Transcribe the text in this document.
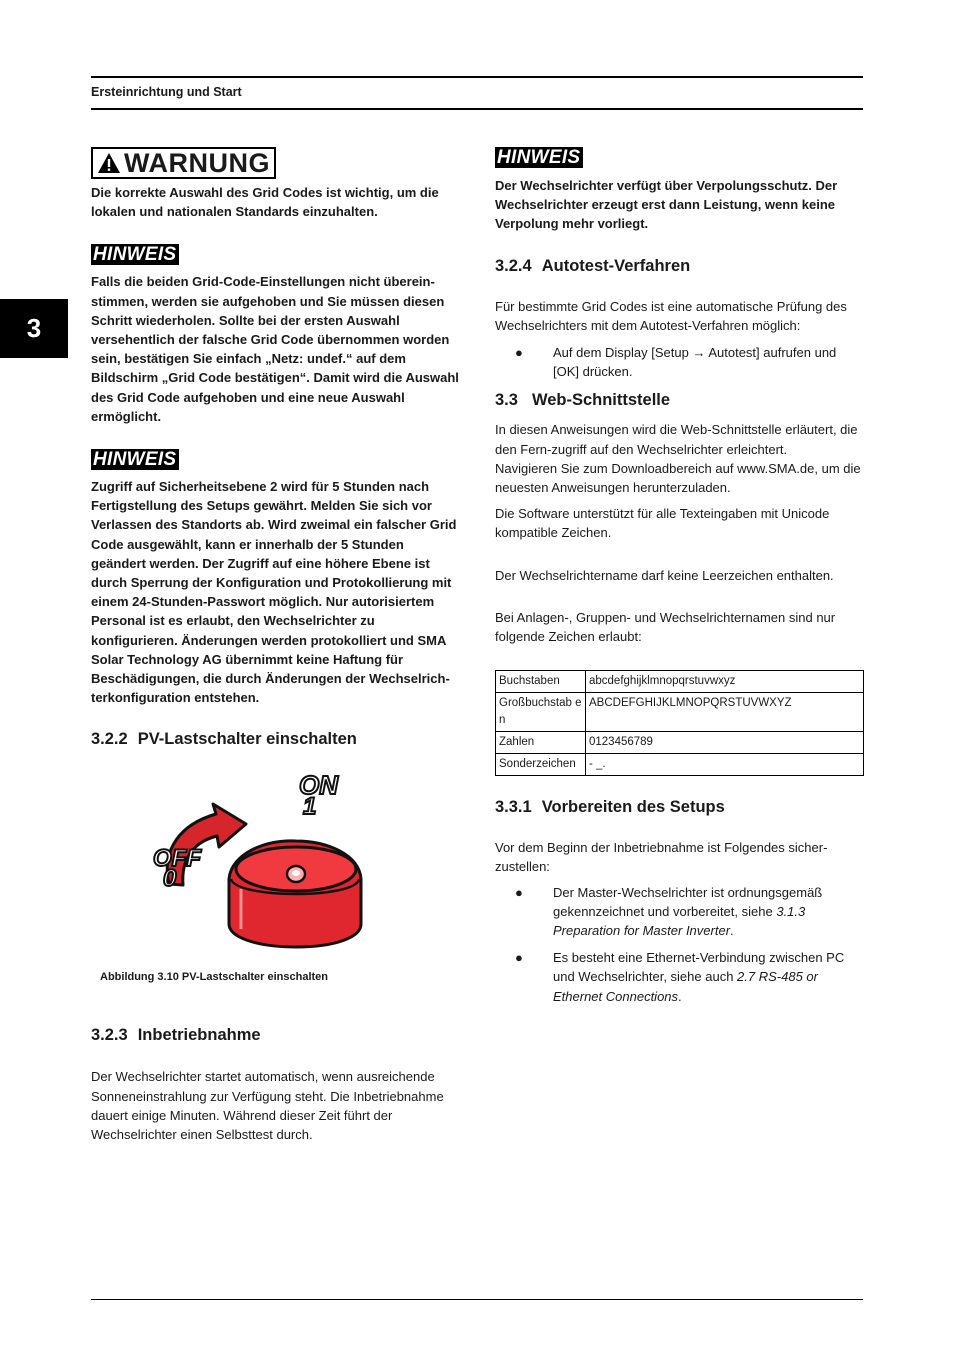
Ersteinrichtung und Start
3
WARNUNG

Die korrekte Auswahl des Grid Codes ist wichtig, um die lokalen und nationalen Standards einzuhalten.

HINWEIS

Falls die beiden Grid-Code-Einstellungen nicht übereinstimmen, werden sie aufgehoben und Sie müssen diesen Schritt wiederholen. Sollte bei der ersten Auswahl versehentlich der falsche Grid Code übernommen worden sein, bestätigen Sie einfach „Netz: undef.“ auf dem Bildschirm „Grid Code bestätigen“. Damit wird die Auswahl des Grid Code aufgehoben und eine neue Auswahl ermöglicht.

HINWEIS

Zugriff auf Sicherheitsebene 2 wird für 5 Stunden nach Fertigstellung des Setups gewährt. Melden Sie sich vor Verlassen des Standorts ab. Wird zweimal ein falscher Grid Code ausgewählt, kann er innerhalb der 5 Stunden geändert werden. Der Zugriff auf eine höhere Ebene ist durch Sperrung der Konfiguration und Protokollierung mit einem 24-Stunden-Passwort möglich. Nur autorisiertem Personal ist es erlaubt, den Wechselrichter zu konfigurieren. Änderungen werden protokolliert und SMA Solar Technology AG übernimmt keine Haftung für Beschädigungen, die durch Änderungen der Wechselrichterkonfiguration entstehen.

3.2.2 PV-Lastschalter einschalten
ON
1
OFF
0

Abbildung 3.10 PV-Lastschalter einschalten

3.2.3 Inbetriebnahme

Der Wechselrichter startet automatisch, wenn ausreichende Sonneneinstrahlung zur Verfügung steht. Die Inbetriebnahme dauert einige Minuten. Während dieser Zeit führt der Wechselrichter einen Selbsttest durch.

HINWEIS

Der Wechselrichter verfügt über Verpolungsschutz. Der Wechselrichter erzeugt erst dann Leistung, wenn keine Verpolung mehr vorliegt.

3.2.4 Autotest-Verfahren

Für bestimmte Grid Codes ist eine automatische Prüfung des Wechselrichters mit dem Autotest-Verfahren möglich:

● Auf dem Display [Setup → Autotest] aufrufen und [OK] drücken.
3.3 Web-Schnittstelle

In diesen Anweisungen wird die Web-Schnittstelle erläutert, die den Fern-zugriff auf den Wechselrichter erleichtert.

Navigieren Sie zum Downloadbereich auf www.SMA.de, um die neuesten Anweisungen herunterzuladen.

Die Software unterstützt für alle Texteingaben mit Unicode kompatible Zeichen.

Der Wechselrichtername darf keine Leerzeichen enthalten.

Bei Anlagen-, Gruppen- und Wechselrichternamen sind nur folgende Zeichen erlaubt:

Buchstaben	abcdefghijklmnopqrstuvwxyz
Großbuchstab en	ABCDEFGHIJKLMNOPQRSTUVWXYZ
Zahlen	0123456789
Sonderzeichen	- _.
3.3.1 Vorbereiten des Setups

Vor dem Beginn der Inbetriebnahme ist Folgendes sicherzustellen:

● Der Master-Wechselrichter ist ordnungsgemäß gekennzeichnet und vorbereitet, siehe 3.1.3 Preparation for Master Inverter.
● Es besteht eine Ethernet-Verbindung zwischen PC und Wechselrichter, siehe auch 2.7 RS-485 or Ethernet Connections.
